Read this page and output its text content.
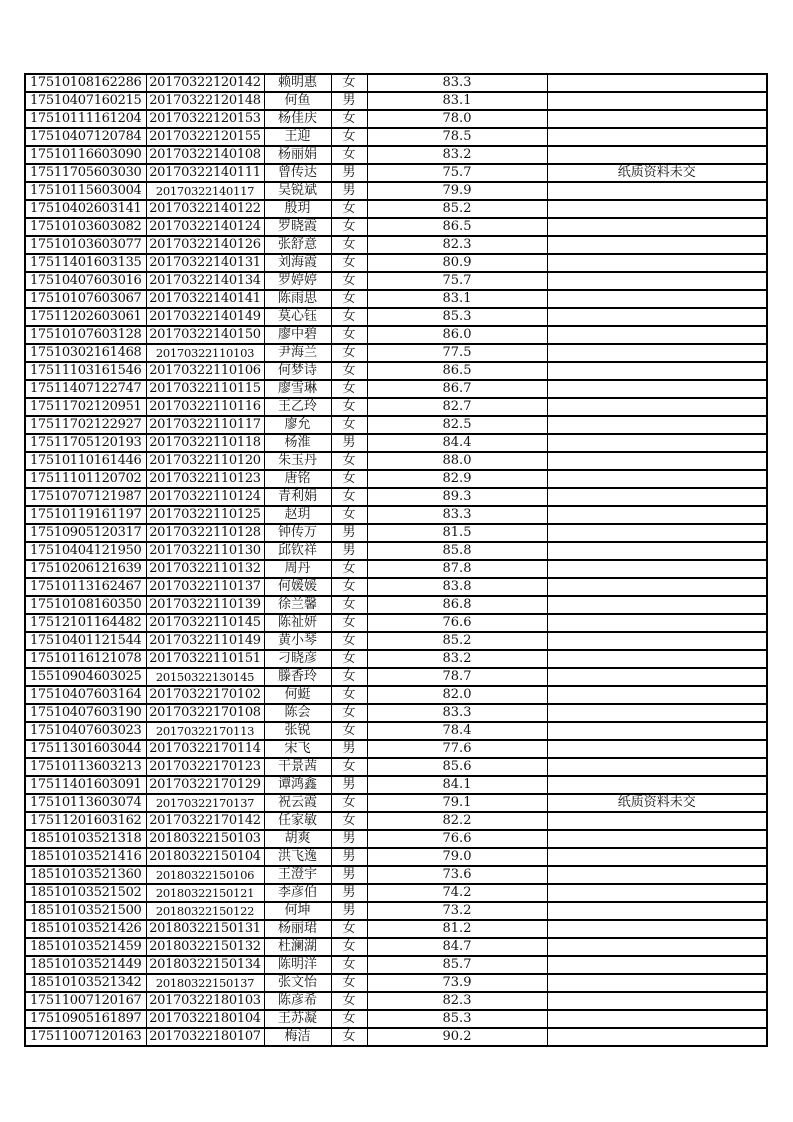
17510108162286	20170322120142	赖明惠	女	83.3	
17510407160215	20170322120148	何鱼	男	83.1	
17510111161204	20170322120153	杨佳庆	女	78.0	
17510407120784	20170322120155	王迎	女	78.5	
17510116603090	20170322140108	杨丽娟	女	83.2	
17511705603030	20170322140111	曾传达	男	75.7	纸质资料未交
17510115603004	20170322140117	吴锐斌	男	79.9	
17510402603141	20170322140122	殷玥	女	85.2	
17510103603082	20170322140124	罗晓霞	女	86.5	
17510103603077	20170322140126	张舒意	女	82.3	
17511401603135	20170322140131	刘海霞	女	80.9	
17510407603016	20170322140134	罗婷婷	女	75.7	
17510107603067	20170322140141	陈雨思	女	83.1	
17511202603061	20170322140149	莫心钰	女	85.3	
17510107603128	20170322140150	廖中碧	女	86.0	
17510302161468	20170322110103	尹海兰	女	77.5	
17511103161546	20170322110106	何梦诗	女	86.5	
17511407122747	20170322110115	廖雪琳	女	86.7	
17511702120951	20170322110116	王乙玲	女	82.7	
17511702122927	20170322110117	廖允	女	82.5	
17511705120193	20170322110118	杨淮	男	84.4	
17510110161446	20170322110120	朱玉丹	女	88.0	
17511101120702	20170322110123	唐铭	女	82.9	
17510707121987	20170322110124	青利娟	女	89.3	
17510119161197	20170322110125	赵玥	女	83.3	
17510905120317	20170322110128	钟传万	男	81.5	
17510404121950	20170322110130	邱钦祥	男	85.8	
17510206121639	20170322110132	周丹	女	87.8	
17510113162467	20170322110137	何媛媛	女	83.8	
17510108160350	20170322110139	徐兰馨	女	86.8	
17512101164482	20170322110145	陈祉妍	女	76.6	
17510401121544	20170322110149	黄小琴	女	85.2	
17510116121078	20170322110151	刁晓彦	女	83.2	
15510904603025	20150322130145	滕香玲	女	78.7	
17510407603164	20170322170102	何蜓	女	82.0	
17510407603190	20170322170108	陈会	女	83.3	
17510407603023	20170322170113	张锐	女	78.4	
17511301603044	20170322170114	宋飞	男	77.6	
17510113603213	20170322170123	干景茜	女	85.6	
17511401603091	20170322170129	谭鸿鑫	男	84.1	
17510113603074	20170322170137	祝云霞	女	79.1	纸质资料未交
17511201603162	20170322170142	任家敏	女	82.2	
18510103521318	20180322150103	胡爽	男	76.6	
18510103521416	20180322150104	洪飞逸	男	79.0	
18510103521360	20180322150106	王澄宇	男	73.6	
18510103521502	20180322150121	李彦伯	男	74.2	
18510103521500	20180322150122	何坤	男	73.2	
18510103521426	20180322150131	杨丽珺	女	81.2	
18510103521459	20180322150132	杜澜湖	女	84.7	
18510103521449	20180322150134	陈明洋	女	85.7	
18510103521342	20180322150137	张文怡	女	73.9	
17511007120167	20170322180103	陈彦希	女	82.3	
17510905161897	20170322180104	王苏凝	女	85.3	
17511007120163	20170322180107	梅洁	女	90.2	
